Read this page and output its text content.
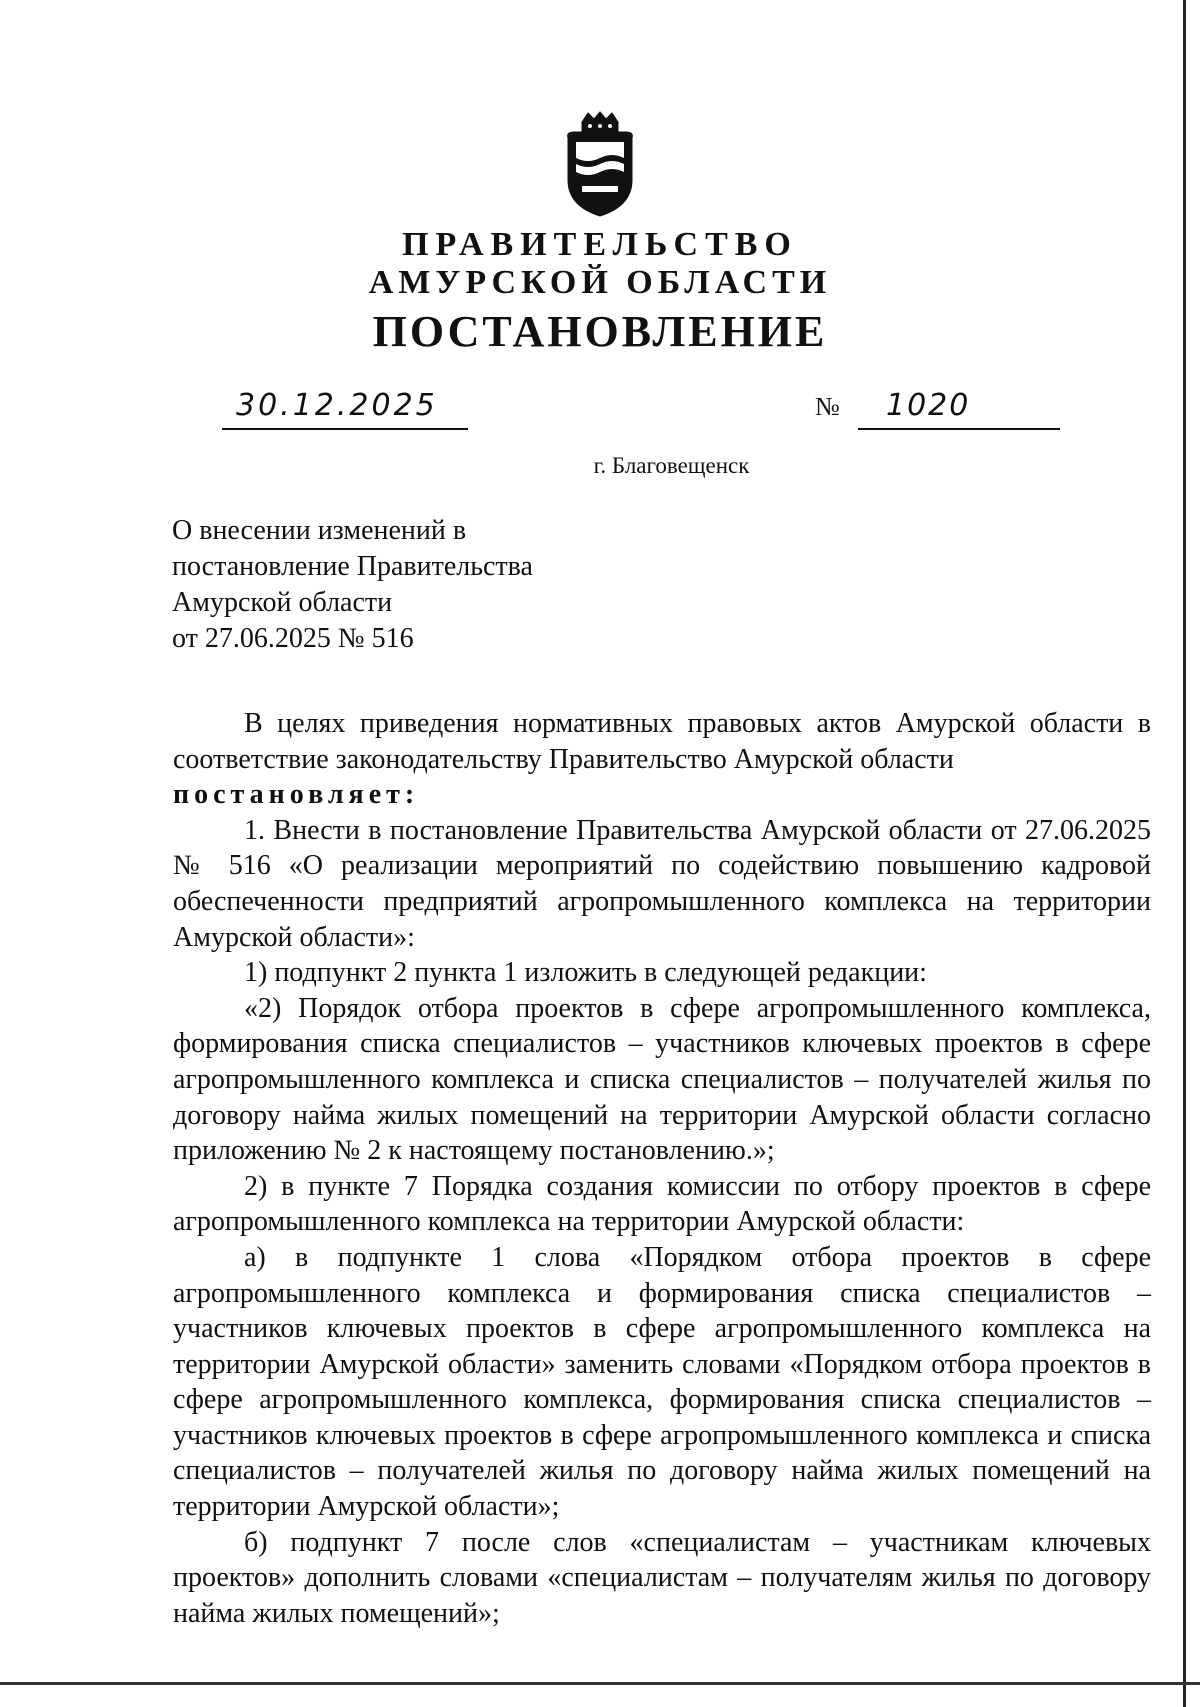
ПРАВИТЕЛЬСТВО
АМУРСКОЙ ОБЛАСТИ
ПОСТАНОВЛЕНИЕ
30.12.2025	№ 1020
г. Благовещенск
О внесении изменений в
постановление Правительства
Амурской области
от 27.06.2025 № 516

В целях приведения нормативных правовых актов Амурской области в соответствие законодательству Правительство Амурской области

постановляет:

1. Внести в постановление Правительства Амурской области от 27.06.2025 № 516 «О реализации мероприятий по содействию повышению кадровой обеспеченности предприятий агропромышленного комплекса на территории Амурской области»:

1) подпункт 2 пункта 1 изложить в следующей редакции:

«2) Порядок отбора проектов в сфере агропромышленного комплекса, формирования списка специалистов – участников ключевых проектов в сфере агропромышленного комплекса и списка специалистов – получателей жилья по договору найма жилых помещений на территории Амурской области согласно приложению № 2 к настоящему постановлению.»;

2) в пункте 7 Порядка создания комиссии по отбору проектов в сфере агропромышленного комплекса на территории Амурской области:

а) в подпункте 1 слова «Порядком отбора проектов в сфере агропромышленного комплекса и формирования списка специалистов – участников ключевых проектов в сфере агропромышленного комплекса на территории Амурской области» заменить словами «Порядком отбора проектов в сфере агропромышленного комплекса, формирования списка специалистов – участников ключевых проектов в сфере агропромышленного комплекса и списка специалистов – получателей жилья по договору найма жилых помещений на территории Амурской области»;

б) подпункт 7 после слов «специалистам – участникам ключевых проектов» дополнить словами «специалистам – получателям жилья по договору найма жилых помещений»;
